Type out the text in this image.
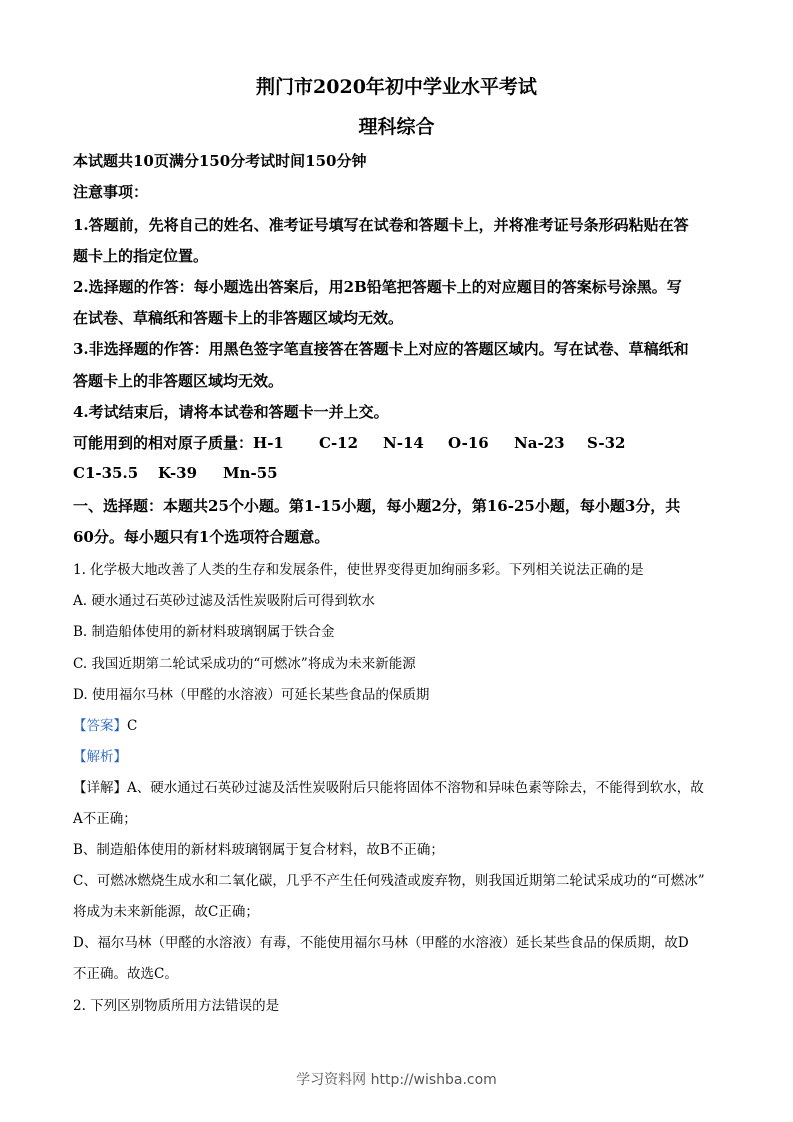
荆门市2020年初中学业水平考试
理科综合
本试题共10页满分150分考试时间150分钟
注意事项：
1.答题前，先将自己的姓名、准考证号填写在试卷和答题卡上，并将准考证号条形码粘贴在答
题卡上的指定位置。
2.选择题的作答：每小题选出答案后，用2B铅笔把答题卡上的对应题目的答案标号涂黑。写
在试卷、草稿纸和答题卡上的非答题区域均无效。
3.非选择题的作答：用黑色签字笔直接答在答题卡上对应的答题区域内。写在试卷、草稿纸和
答题卡上的非答题区域均无效。
4.考试结束后，请将本试卷和答题卡一并上交。
可能用到的相对原子质量：H-1 C-12 N-14 O-16 Na-23 S-32
C1-35.5 K-39 Mn-55
一、选择题：本题共25个小题。第1-15小题，每小题2分，第16-25小题，每小题3分，共
60分。每小题只有1个选项符合题意。
1. 化学极大地改善了人类的生存和发展条件，使世界变得更加绚丽多彩。下列相关说法正确的是
A. 硬水通过石英砂过滤及活性炭吸附后可得到软水
B. 制造船体使用的新材料玻璃钢属于铁合金
C. 我国近期第二轮试采成功的“可燃冰”将成为未来新能源
D. 使用福尔马林（甲醛的水溶液）可延长某些食品的保质期
【答案】C
【解析】
【详解】A、硬水通过石英砂过滤及活性炭吸附后只能将固体不溶物和异味色素等除去，不能得到软水，故
A不正确；
B、制造船体使用的新材料玻璃钢属于复合材料，故B不正确；
C、可燃冰燃烧生成水和二氧化碳，几乎不产生任何残渣或废弃物，则我国近期第二轮试采成功的“可燃冰”
将成为未来新能源，故C正确；
D、福尔马林（甲醛的水溶液）有毒，不能使用福尔马林（甲醛的水溶液）延长某些食品的保质期，故D
不正确。故选C。
2. 下列区别物质所用方法错误的是
学习资料网 http://wishba.com
